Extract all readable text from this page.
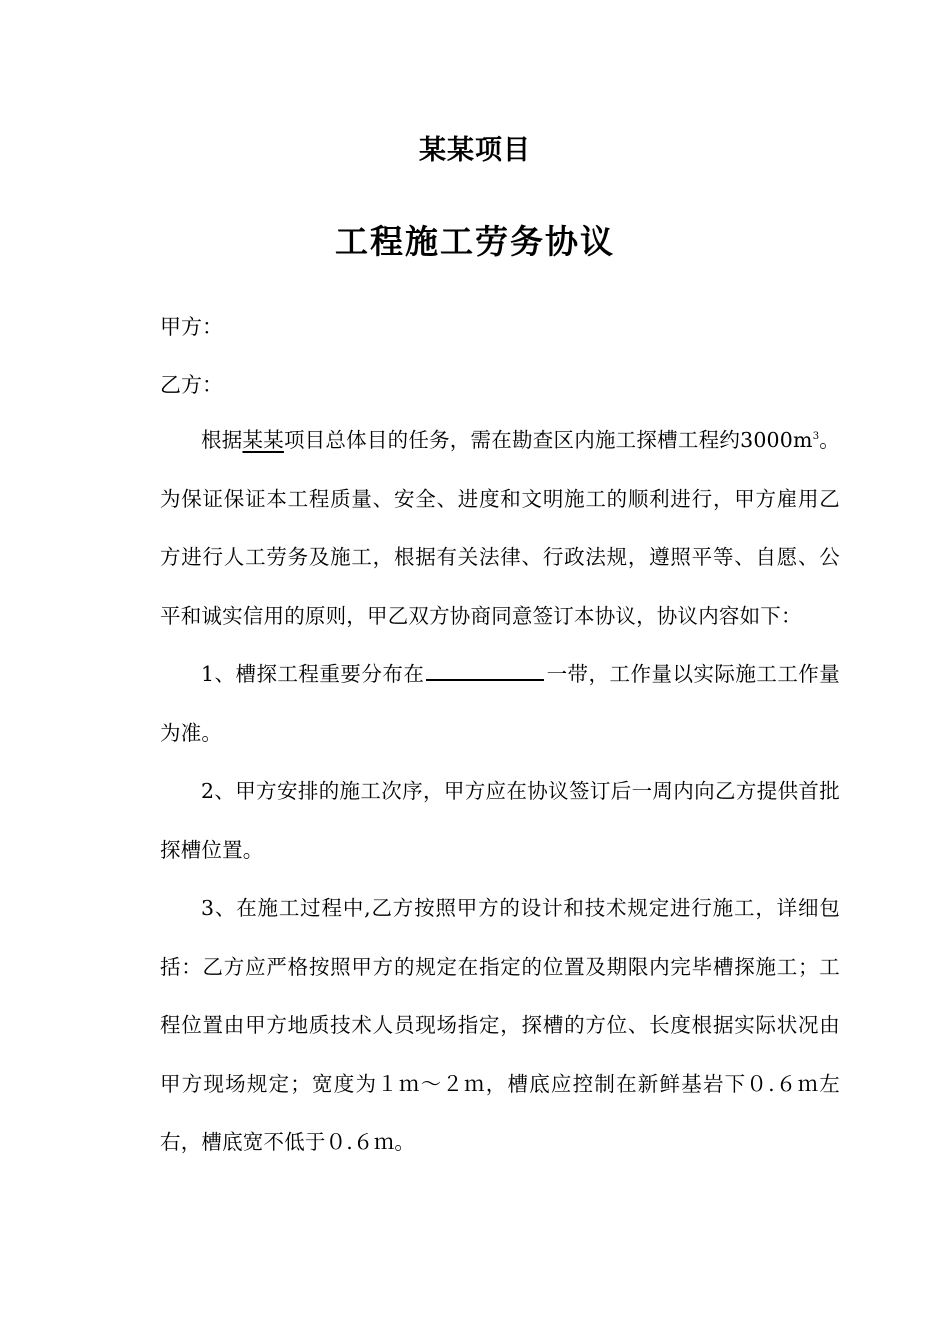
某某项目
工程施工劳务协议
甲方：
乙方：

根据某某项目总体目的任务，需在勘查区内施工探槽工程约$3000m^3$。为保证保证本工程质量、安全、进度和文明施工的顺利进行，甲方雇用乙方进行人工劳务及施工，根据有关法律、行政法规，遵照平等、自愿、公平和诚实信用的原则，甲乙双方协商同意签订本协议，协议内容如下：

1、槽探工程重要分布在	一带，工作量以实际施工工作量为准。

2、甲方安排的施工次序，甲方应在协议签订后一周内向乙方提供首批探槽位置。

3、在施工过程中,乙方按照甲方的设计和技术规定进行施工，详细包括：乙方应严格按照甲方的规定在指定的位置及期限内完毕槽探施工；工程位置由甲方地质技术人员现场指定，探槽的方位、长度根据实际状况由甲方现场规定；宽度为１ｍ～２ｍ，槽底应控制在新鲜基岩下０.６ｍ左右，槽底宽不低于０.６ｍ。
